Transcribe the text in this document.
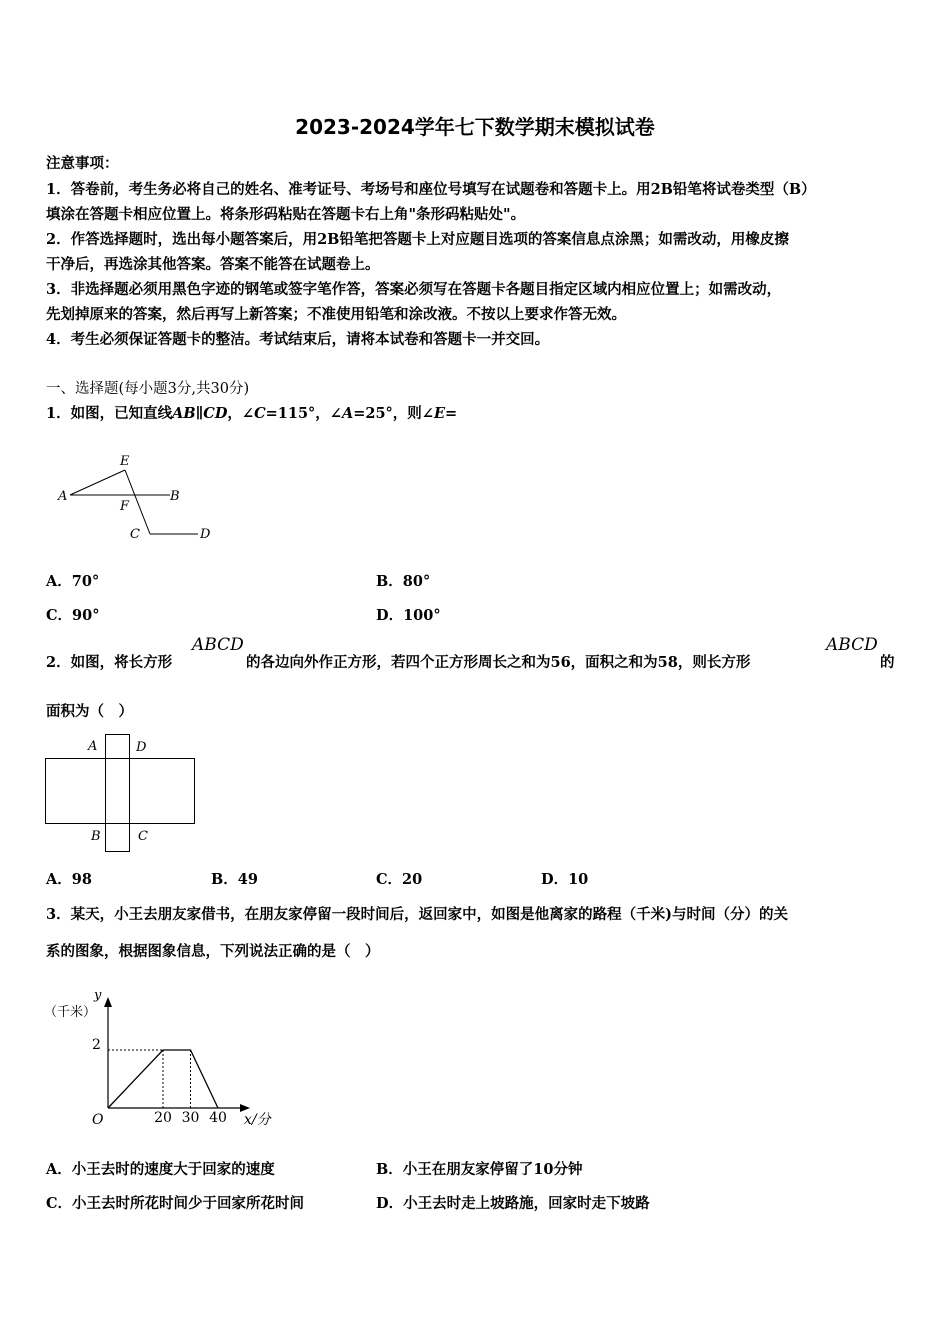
2023-2024学年七下数学期末模拟试卷
注意事项：
1．答卷前，考生务必将自己的姓名、准考证号、考场号和座位号填写在试题卷和答题卡上。用2B铅笔将试卷类型（B）
填涂在答题卡相应位置上。将条形码粘贴在答题卡右上角"条形码粘贴处"。
2．作答选择题时，选出每小题答案后，用2B铅笔把答题卡上对应题目选项的答案信息点涂黑；如需改动，用橡皮擦
干净后，再选涂其他答案。答案不能答在试题卷上。
3．非选择题必须用黑色字迹的钢笔或签字笔作答，答案必须写在答题卡各题目指定区域内相应位置上；如需改动，
先划掉原来的答案，然后再写上新答案；不准使用铅笔和涂改液。不按以上要求作答无效。
4．考生必须保证答题卡的整洁。考试结束后，请将本试卷和答题卡一并交回。
一、选择题(每小题3分,共30分)
1．如图，已知直线AB∥CD，∠C=115°，∠A=25°，则∠E=
A
E
B
F
C	D
A．70°	B．80°
C．90°	D．100°
2．如图，将长方形
ABCD
的各边向外作正方形，若四个正方形周长之和为56，面积之和为58，则长方形
ABCD
的
面积为（　）
A	D
B	C
A．98	B．49	C．20	D．10
3．某天，小王去朋友家借书，在朋友家停留一段时间后，返回家中，如图是他离家的路程（千米)与时间（分）的关
系的图象，根据图象信息，下列说法正确的是（　）
y
（千米）
2
O	20 30 40 x/分
A．小王去时的速度大于回家的速度	B．小王在朋友家停留了10分钟
C．小王去时所花时间少于回家所花时间	D．小王去时走上坡路施，回家时走下坡路
